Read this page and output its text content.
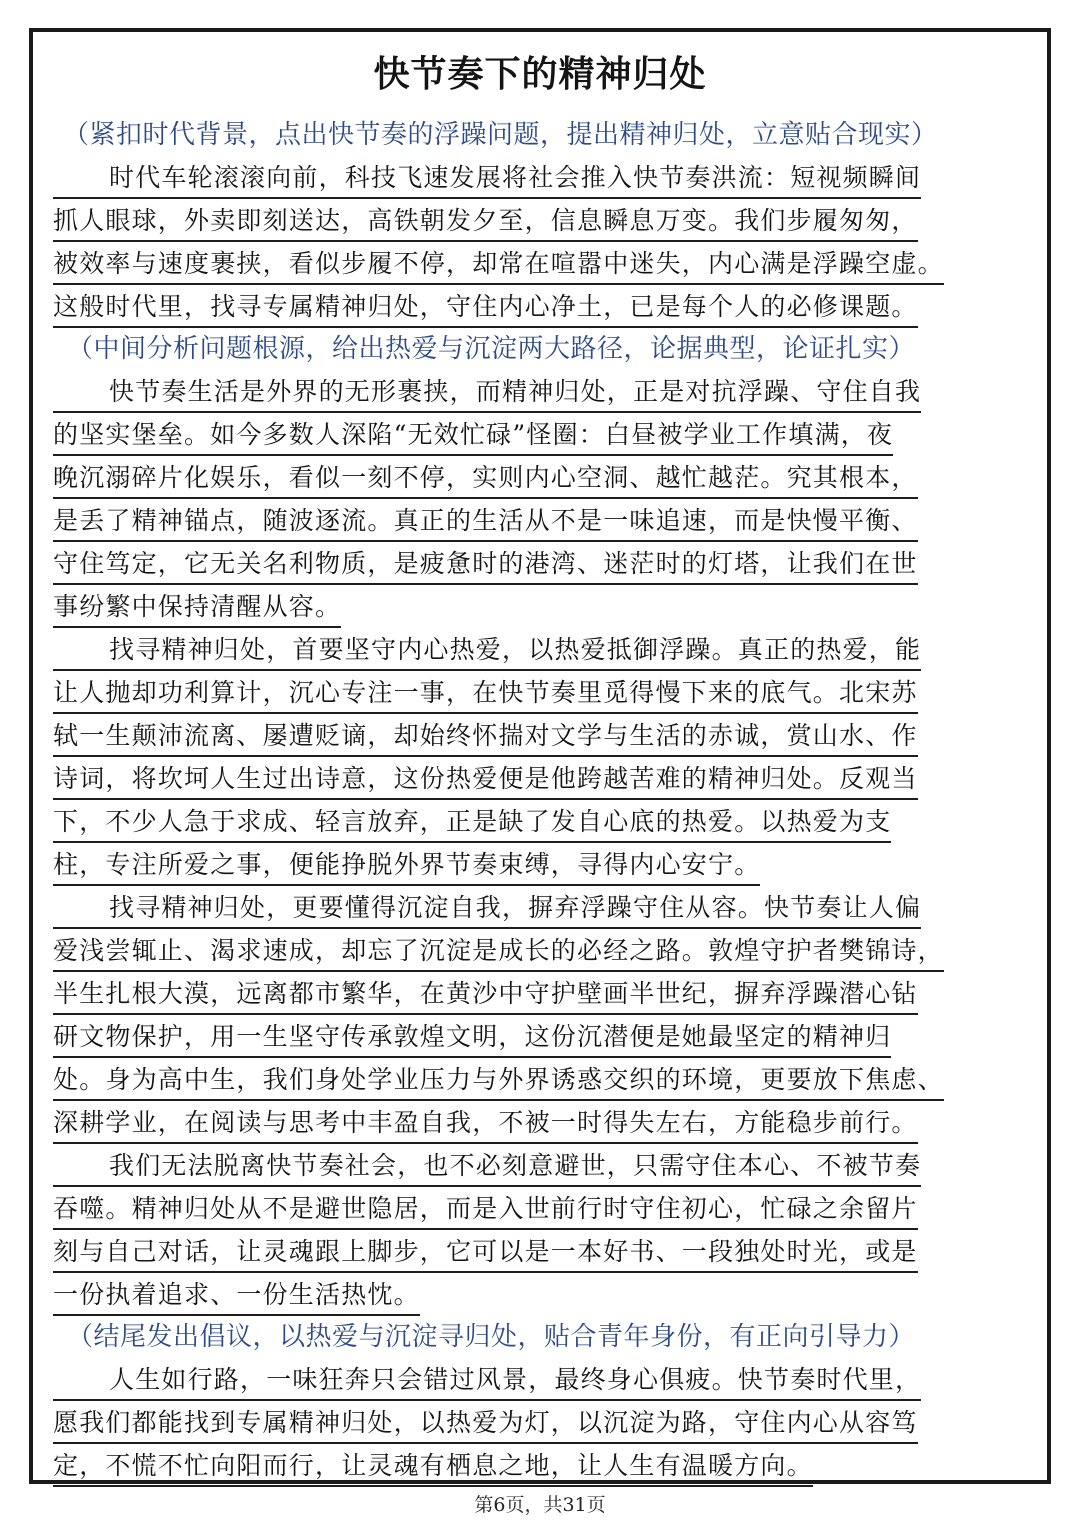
快节奏下的精神归处
（紧扣时代背景，点出快节奏的浮躁问题，提出精神归处，立意贴合现实）
时代车轮滚滚向前，科技飞速发展将社会推入快节奏洪流：短视频瞬间
抓人眼球，外卖即刻送达，高铁朝发夕至，信息瞬息万变。我们步履匆匆，
被效率与速度裹挟，看似步履不停，却常在喧嚣中迷失，内心满是浮躁空虚。
这般时代里，找寻专属精神归处，守住内心净土，已是每个人的必修课题。
（中间分析问题根源，给出热爱与沉淀两大路径，论据典型，论证扎实）
快节奏生活是外界的无形裹挟，而精神归处，正是对抗浮躁、守住自我
的坚实堡垒。如今多数人深陷“无效忙碌”怪圈：白昼被学业工作填满，夜
晚沉溺碎片化娱乐，看似一刻不停，实则内心空洞、越忙越茫。究其根本，
是丢了精神锚点，随波逐流。真正的生活从不是一味追速，而是快慢平衡、
守住笃定，它无关名利物质，是疲惫时的港湾、迷茫时的灯塔，让我们在世
事纷繁中保持清醒从容。
找寻精神归处，首要坚守内心热爱，以热爱抵御浮躁。真正的热爱，能
让人抛却功利算计，沉心专注一事，在快节奏里觅得慢下来的底气。北宋苏
轼一生颠沛流离、屡遭贬谪，却始终怀揣对文学与生活的赤诚，赏山水、作
诗词，将坎坷人生过出诗意，这份热爱便是他跨越苦难的精神归处。反观当
下，不少人急于求成、轻言放弃，正是缺了发自心底的热爱。以热爱为支
柱，专注所爱之事，便能挣脱外界节奏束缚，寻得内心安宁。
找寻精神归处，更要懂得沉淀自我，摒弃浮躁守住从容。快节奏让人偏
爱浅尝辄止、渴求速成，却忘了沉淀是成长的必经之路。敦煌守护者樊锦诗，
半生扎根大漠，远离都市繁华，在黄沙中守护壁画半世纪，摒弃浮躁潜心钻
研文物保护，用一生坚守传承敦煌文明，这份沉潜便是她最坚定的精神归
处。身为高中生，我们身处学业压力与外界诱惑交织的环境，更要放下焦虑、
深耕学业，在阅读与思考中丰盈自我，不被一时得失左右，方能稳步前行。
我们无法脱离快节奏社会，也不必刻意避世，只需守住本心、不被节奏
吞噬。精神归处从不是避世隐居，而是入世前行时守住初心，忙碌之余留片
刻与自己对话，让灵魂跟上脚步，它可以是一本好书、一段独处时光，或是
一份执着追求、一份生活热忱。
（结尾发出倡议，以热爱与沉淀寻归处，贴合青年身份，有正向引导力）
人生如行路，一味狂奔只会错过风景，最终身心俱疲。快节奏时代里，
愿我们都能找到专属精神归处，以热爱为灯，以沉淀为路，守住内心从容笃
定，不慌不忙向阳而行，让灵魂有栖息之地，让人生有温暖方向。
第6页，共31页
